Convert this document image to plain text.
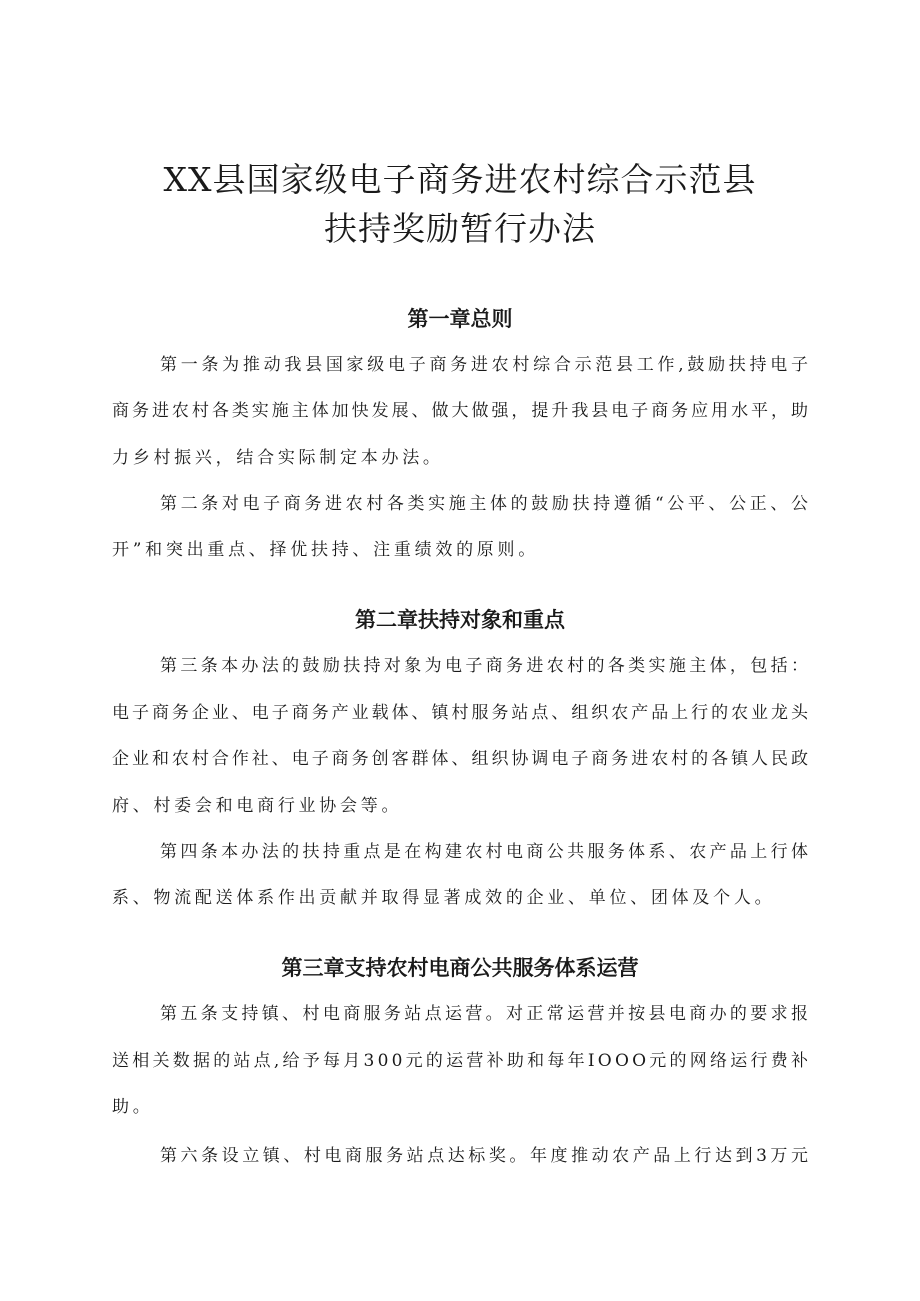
XX县国家级电子商务进农村综合示范县
扶持奖励暂行办法
第一章总则
第一条为推动我县国家级电子商务进农村综合示范县工作,鼓励扶持电子
商务进农村各类实施主体加快发展、做大做强，提升我县电子商务应用水平，助
力乡村振兴，结合实际制定本办法。
第二条对电子商务进农村各类实施主体的鼓励扶持遵循“公平、公正、公
开”和突出重点、择优扶持、注重绩效的原则。
第二章扶持对象和重点
第三条本办法的鼓励扶持对象为电子商务进农村的各类实施主体，包括：
电子商务企业、电子商务产业载体、镇村服务站点、组织农产品上行的农业龙头
企业和农村合作社、电子商务创客群体、组织协调电子商务进农村的各镇人民政
府、村委会和电商行业协会等。
第四条本办法的扶持重点是在构建农村电商公共服务体系、农产品上行体
系、物流配送体系作出贡献并取得显著成效的企业、单位、团体及个人。
第三章支持农村电商公共服务体系运营
第五条支持镇、村电商服务站点运营。对正常运营并按县电商办的要求报
送相关数据的站点,给予每月300元的运营补助和每年IOOO元的网络运行费补
助。
第六条设立镇、村电商服务站点达标奖。年度推动农产品上行达到3万元
